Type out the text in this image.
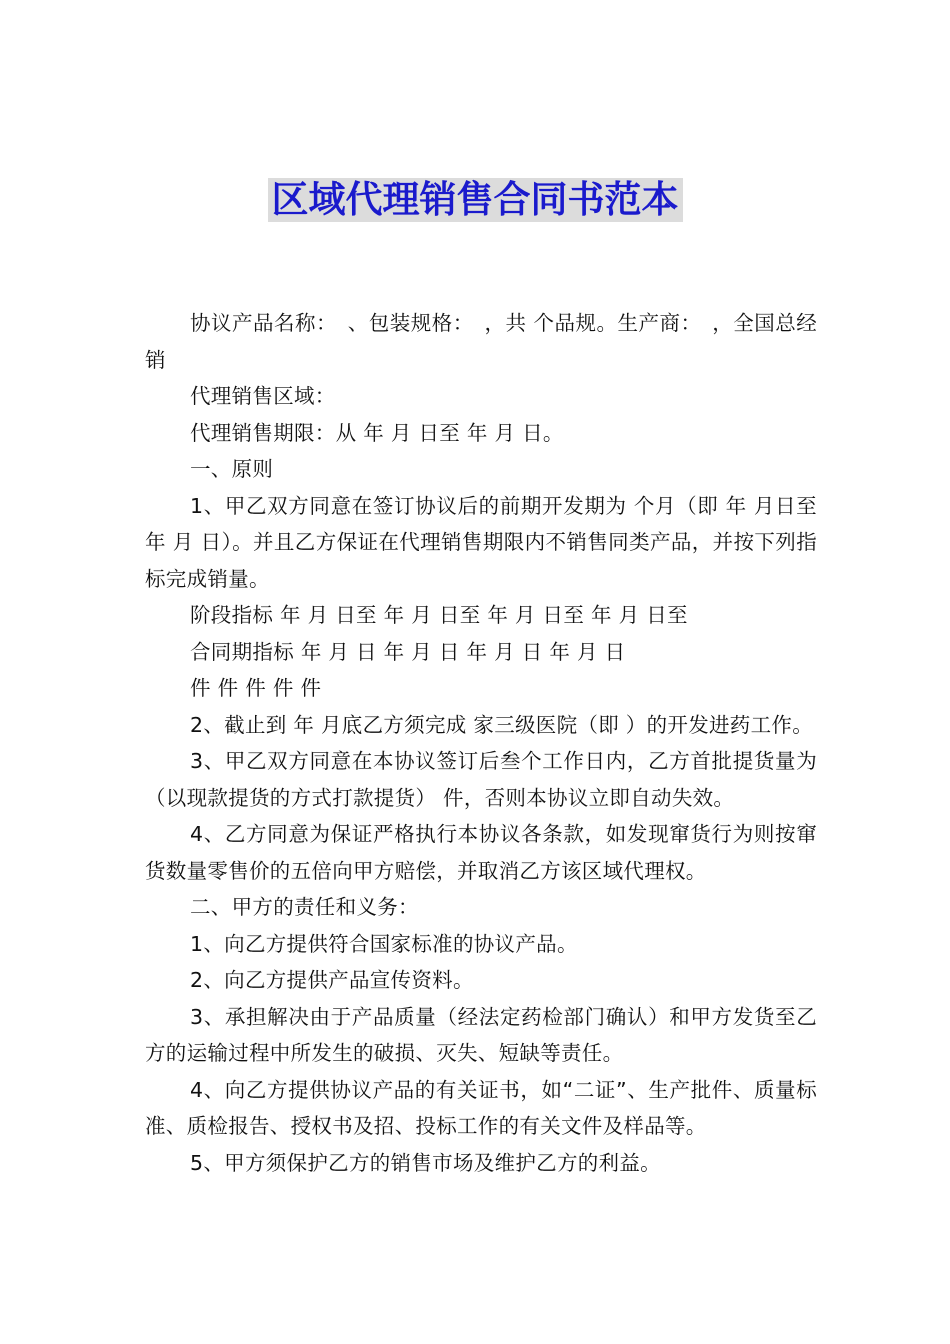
区域代理销售合同书范本

协议产品名称：　、包装规格：　，共 个品规。生产商：　，全国总经销

代理销售区域：

代理销售期限：从 年 月 日至 年 月 日。

一、原则

1、甲乙双方同意在签订协议后的前期开发期为 个月（即 年 月日至 年 月 日）。并且乙方保证在代理销售期限内不销售同类产品，并按下列指标完成销量。

阶段指标 年 月 日至 年 月 日至 年 月 日至 年 月 日至

合同期指标 年 月 日 年 月 日 年 月 日 年 月 日

件 件 件 件 件

2、截止到 年 月底乙方须完成 家三级医院（即 ）的开发进药工作。

3、甲乙双方同意在本协议签订后叁个工作日内，乙方首批提货量为（以现款提货的方式打款提货） 件，否则本协议立即自动失效。

4、乙方同意为保证严格执行本协议各条款，如发现窜货行为则按窜货数量零售价的五倍向甲方赔偿，并取消乙方该区域代理权。

二、甲方的责任和义务：

1、向乙方提供符合国家标准的协议产品。

2、向乙方提供产品宣传资料。

3、承担解决由于产品质量（经法定药检部门确认）和甲方发货至乙方的运输过程中所发生的破损、灭失、短缺等责任。

4、向乙方提供协议产品的有关证书，如“二证”、生产批件、质量标准、质检报告、授权书及招、投标工作的有关文件及样品等。

5、甲方须保护乙方的销售市场及维护乙方的利益。
